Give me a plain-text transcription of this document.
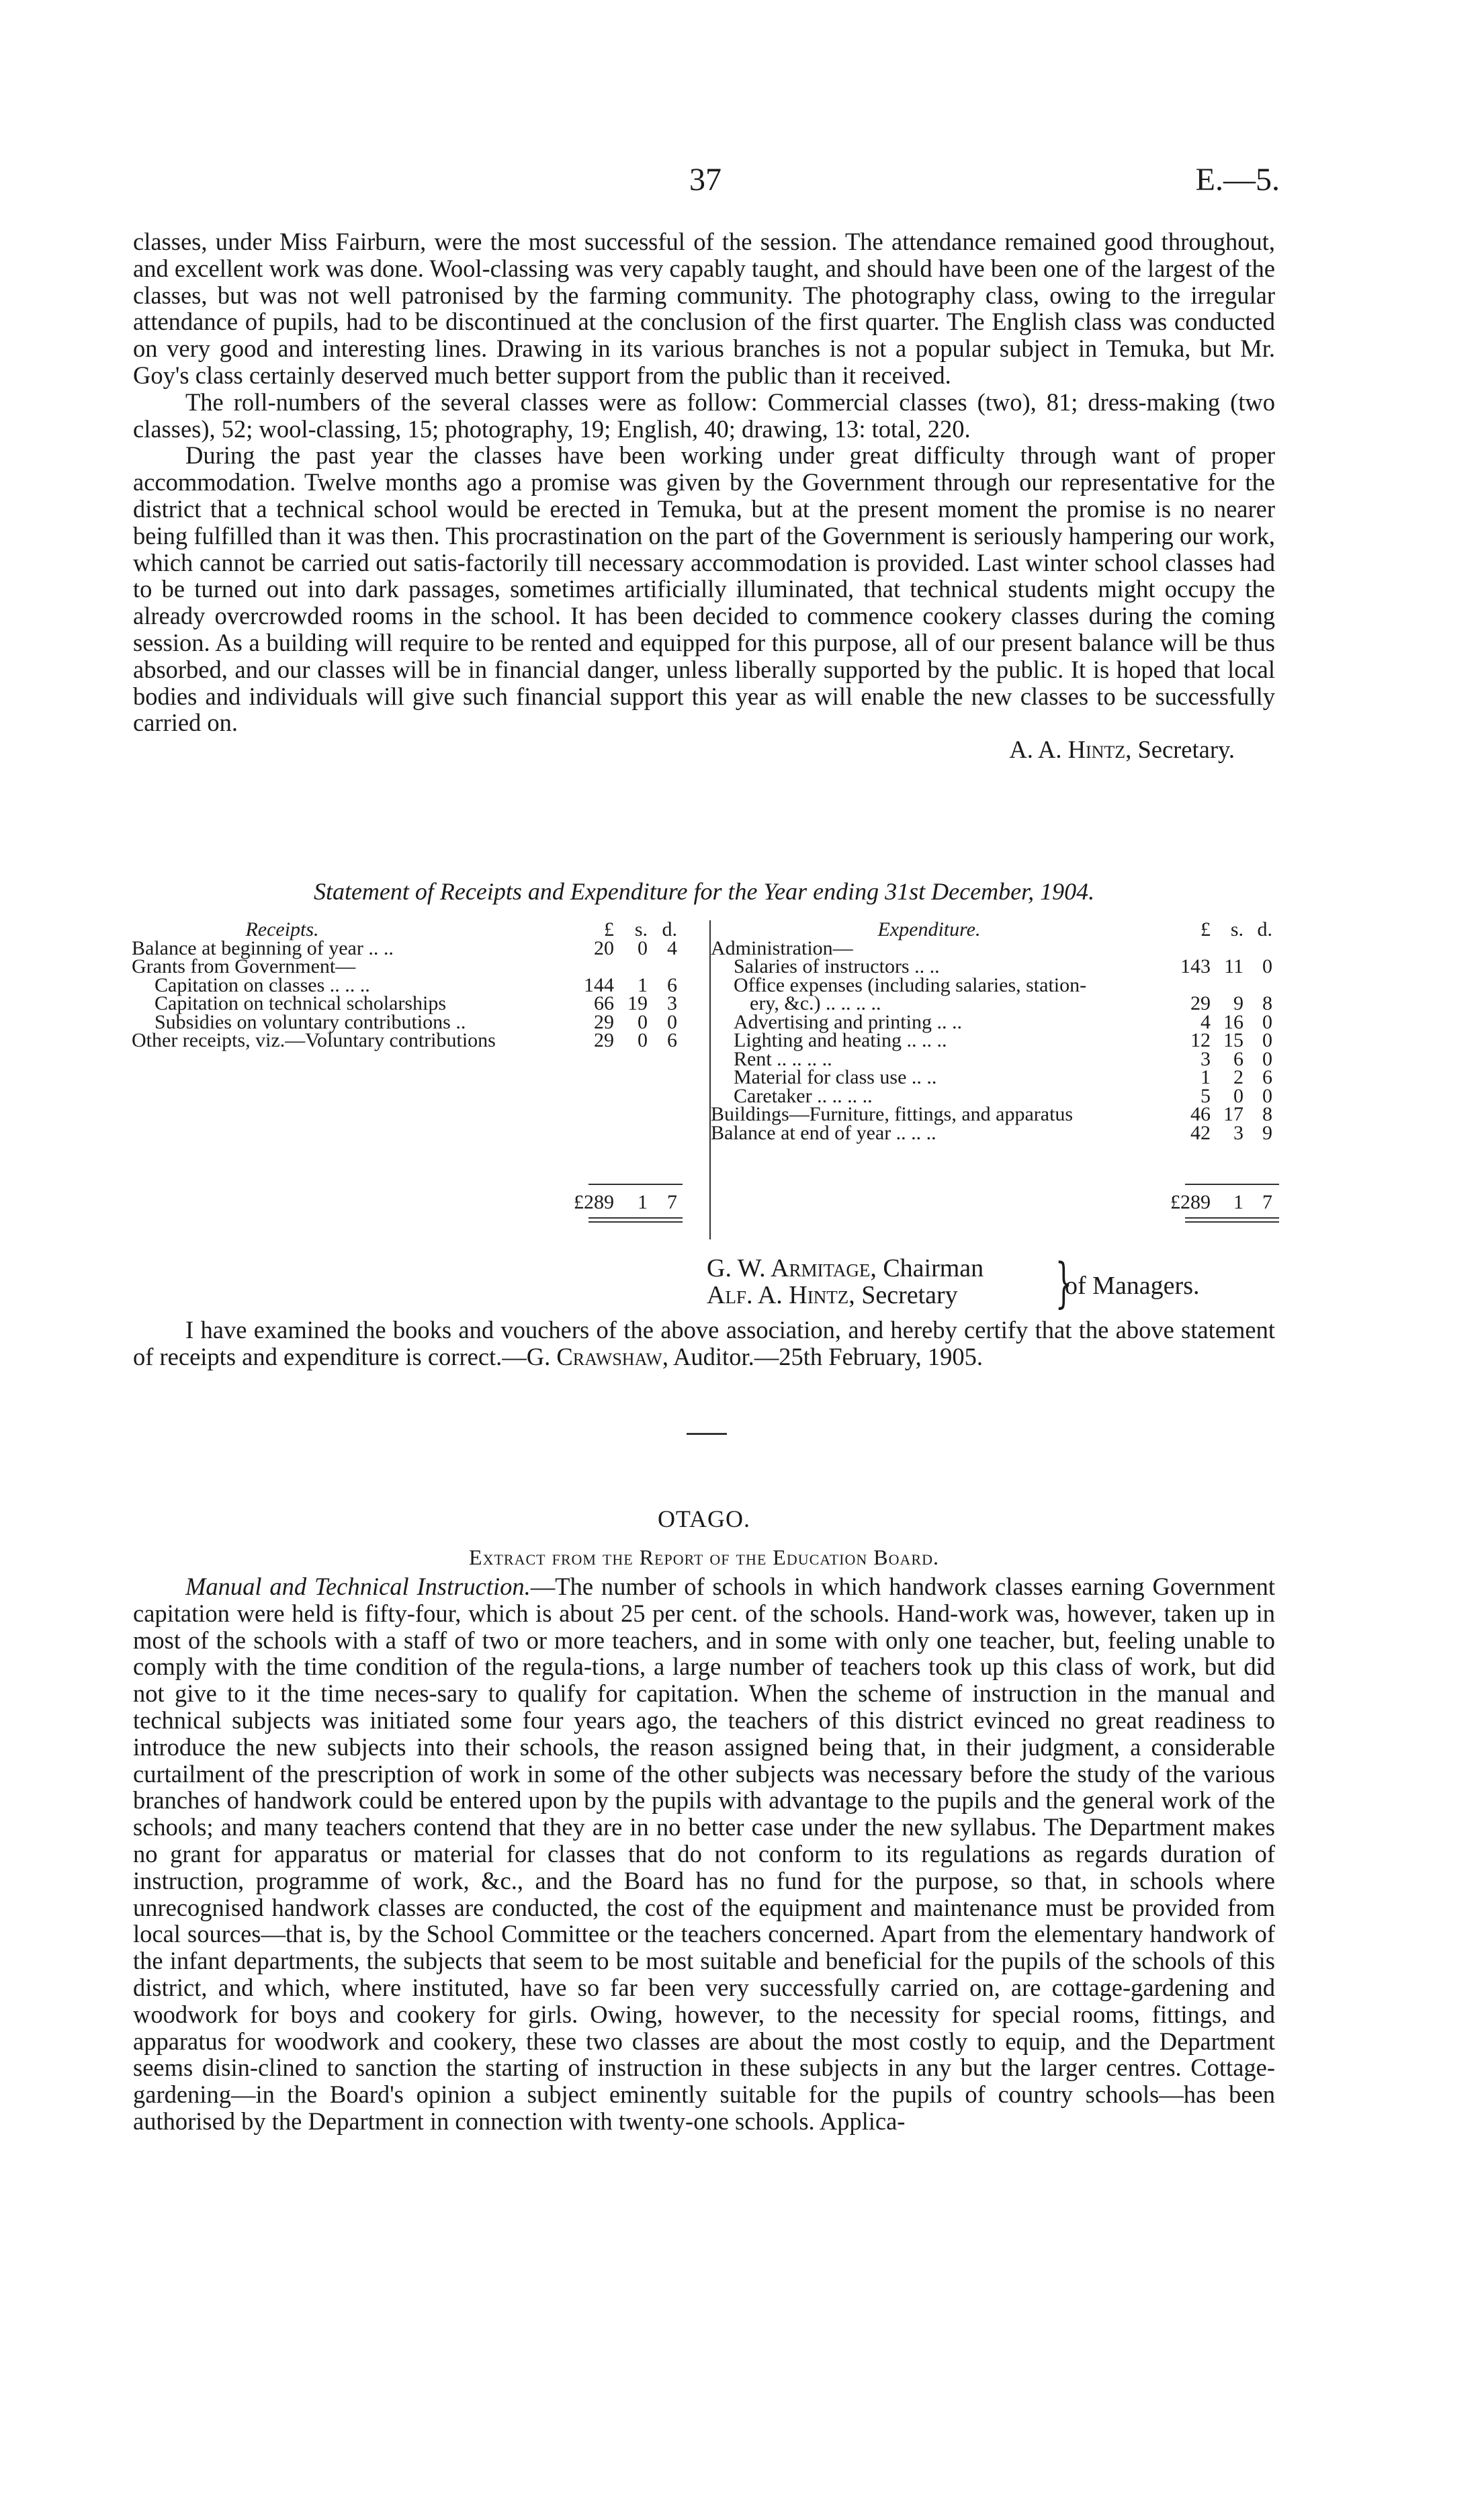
37	E.—5.

classes, under Miss Fairburn, were the most successful of the session. The attendance remained good throughout, and excellent work was done. Wool-classing was very capably taught, and should have been one of the largest of the classes, but was not well patronised by the farming community. The photography class, owing to the irregular attendance of pupils, had to be discontinued at the conclusion of the first quarter. The English class was conducted on very good and interesting lines. Drawing in its various branches is not a popular subject in Temuka, but Mr. Goy's class certainly deserved much better support from the public than it received.

The roll-numbers of the several classes were as follow: Commercial classes (two), 81; dress-making (two classes), 52; wool-classing, 15; photography, 19; English, 40; drawing, 13: total, 220.

During the past year the classes have been working under great difficulty through want of proper accommodation. Twelve months ago a promise was given by the Government through our representative for the district that a technical school would be erected in Temuka, but at the present moment the promise is no nearer being fulfilled than it was then. This procrastination on the part of the Government is seriously hampering our work, which cannot be carried out satis-factorily till necessary accommodation is provided. Last winter school classes had to be turned out into dark passages, sometimes artificially illuminated, that technical students might occupy the already overcrowded rooms in the school. It has been decided to commence cookery classes during the coming session. As a building will require to be rented and equipped for this purpose, all of our present balance will be thus absorbed, and our classes will be in financial danger, unless liberally supported by the public. It is hoped that local bodies and individuals will give such financial support this year as will enable the new classes to be successfully carried on.

A. A. Hintz, Secretary.

Statement of Receipts and Expenditure for the Year ending 31st December, 1904.
Receipts.	£	s. d.
Balance at beginning of year .. ..	20	0 4
Grants from Government—
Capitation on classes .. .. ..	144	1 6
Capitation on technical scholarships	66 19 3
Subsidies on voluntary contributions ..	29	0 0
Other receipts, viz.—Voluntary contributions	29	0 6
£289	1 7
Expenditure.	£ s. d.
Administration—
Salaries of instructors .. ..	143 11 0
Office expenses (including salaries, station-
ery, &c.) .. .. .. ..	29	9 8
Advertising and printing .. ..	4 16 0
Lighting and heating .. .. ..	12 15 0
Rent .. .. .. ..	3	6 0
Material for class use .. ..	1	2 6
Caretaker .. .. .. ..	5	0 0
Buildings—Furniture, fittings, and apparatus	46 17 8
Balance at end of year .. .. ..	42	3 9
£289	1 7
G. W. Armitage, Chairman
Alf. A. Hintz, Secretary	}
of Managers.

I have examined the books and vouchers of the above association, and hereby certify that the above statement of receipts and expenditure is correct.—G. Crawshaw, Auditor.—25th February, 1905.

OTAGO.
Extract from the Report of the Education Board.

Manual and Technical Instruction.—The number of schools in which handwork classes earning Government capitation were held is fifty-four, which is about 25 per cent. of the schools. Hand-work was, however, taken up in most of the schools with a staff of two or more teachers, and in some with only one teacher, but, feeling unable to comply with the time condition of the regula-tions, a large number of teachers took up this class of work, but did not give to it the time neces-sary to qualify for capitation. When the scheme of instruction in the manual and technical subjects was initiated some four years ago, the teachers of this district evinced no great readiness to introduce the new subjects into their schools, the reason assigned being that, in their judgment, a considerable curtailment of the prescription of work in some of the other subjects was necessary before the study of the various branches of handwork could be entered upon by the pupils with advantage to the pupils and the general work of the schools; and many teachers contend that they are in no better case under the new syllabus. The Department makes no grant for apparatus or material for classes that do not conform to its regulations as regards duration of instruction, programme of work, &c., and the Board has no fund for the purpose, so that, in schools where unrecognised handwork classes are conducted, the cost of the equipment and maintenance must be provided from local sources—that is, by the School Committee or the teachers concerned. Apart from the elementary handwork of the infant departments, the subjects that seem to be most suitable and beneficial for the pupils of the schools of this district, and which, where instituted, have so far been very successfully carried on, are cottage-gardening and woodwork for boys and cookery for girls. Owing, however, to the necessity for special rooms, fittings, and apparatus for woodwork and cookery, these two classes are about the most costly to equip, and the Department seems disin-clined to sanction the starting of instruction in these subjects in any but the larger centres. Cottage-gardening—in the Board's opinion a subject eminently suitable for the pupils of country schools—has been authorised by the Department in connection with twenty-one schools. Applica-
